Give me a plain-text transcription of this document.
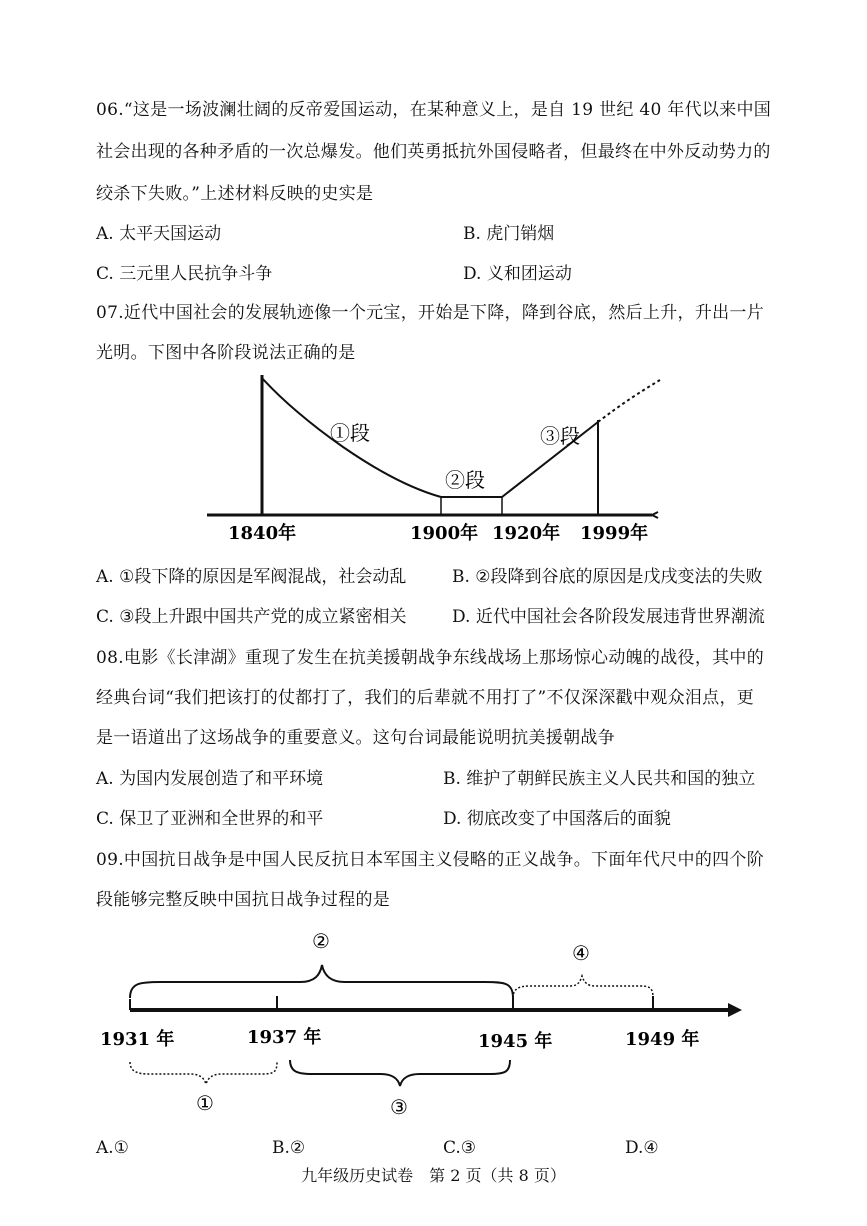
06.“这是一场波澜壮阔的反帝爱国运动，在某种意义上，是自 19 世纪 40 年代以来中国
社会出现的各种矛盾的一次总爆发。他们英勇抵抗外国侵略者，但最终在中外反动势力的
绞杀下失败。”上述材料反映的史实是
A. 太平天国运动	B. 虎门销烟
C. 三元里人民抗争斗争	D. 义和团运动
07.近代中国社会的发展轨迹像一个元宝，开始是下降，降到谷底，然后上升，升出一片
光明。下图中各阶段说法正确的是
①段
②段
③段
1840年	1900年 1920年 1999年
1931 年	1937 年	1945 年	1949 年
②	④
①	③
A. ①段下降的原因是军阀混战，社会动乱	B. ②段降到谷底的原因是戊戌变法的失败
C. ③段上升跟中国共产党的成立紧密相关	D. 近代中国社会各阶段发展违背世界潮流
08.电影《长津湖》重现了发生在抗美援朝战争东线战场上那场惊心动魄的战役，其中的
经典台词“我们把该打的仗都打了，我们的后辈就不用打了”不仅深深戳中观众泪点，更
是一语道出了这场战争的重要意义。这句台词最能说明抗美援朝战争
A. 为国内发展创造了和平环境	B. 维护了朝鲜民族主义人民共和国的独立
C. 保卫了亚洲和全世界的和平	D. 彻底改变了中国落后的面貌
09.中国抗日战争是中国人民反抗日本军国主义侵略的正义战争。下面年代尺中的四个阶
段能够完整反映中国抗日战争过程的是
A.①	B.②	C.③	D.④
九年级历史试卷　第 2 页（共 8 页）
